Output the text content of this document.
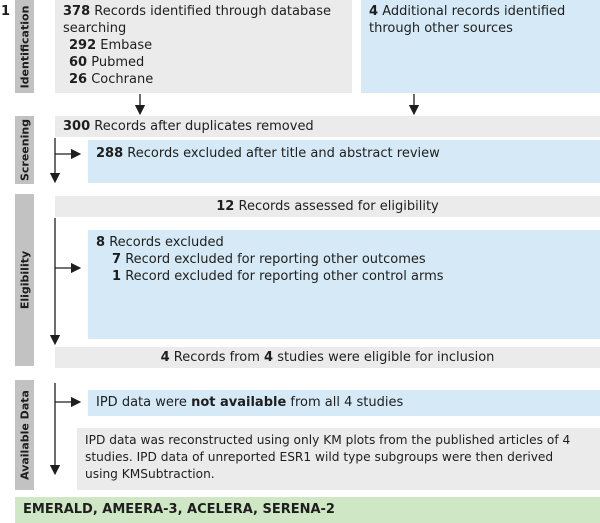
1 Identification
Screening
Eligibility
Available Data
378 Records identified through database
searching
292 Embase
60 Pubmed
26 Cochrane
4 Additional records identified
through other sources
300 Records after duplicates removed
288 Records excluded after title and abstract review
12 Records assessed for eligibility
8 Records excluded
7 Record excluded for reporting other outcomes
1 Record excluded for reporting other control arms
4 Records from 4 studies were eligible for inclusion
IPD data were not available from all 4 studies
IPD data was reconstructed using only KM plots from the published articles of 4
studies. IPD data of unreported ESR1 wild type subgroups were then derived
using KMSubtraction.
EMERALD, AMEERA-3, ACELERA, SERENA-2
